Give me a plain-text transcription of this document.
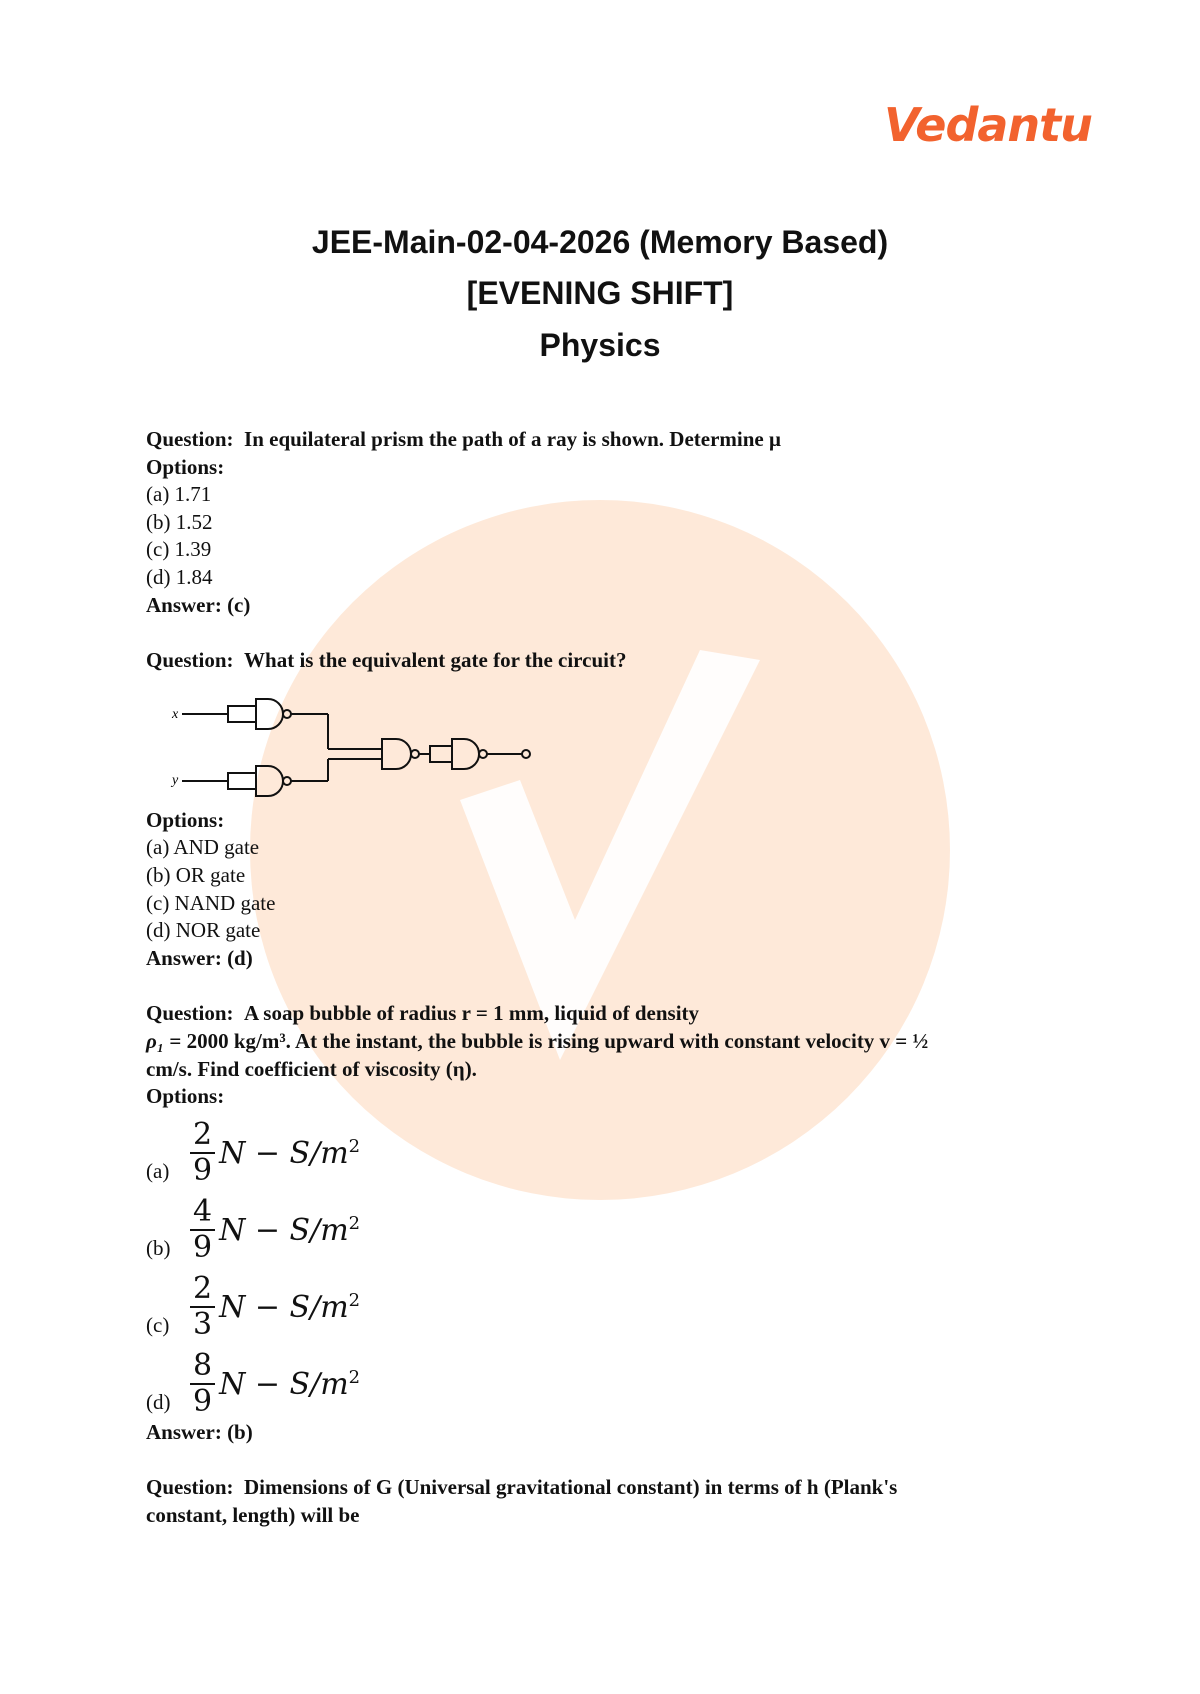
Vedantu
JEE-Main-02-04-2026 (Memory Based)
[EVENING SHIFT]
Physics
Question: In equilateral prism the path of a ray is shown. Determine μ
Options:
(a) 1.71
(b) 1.52
(c) 1.39
(d) 1.84
Answer: (c)
Question: What is the equivalent gate for the circuit?
x
y
Options:
(a) AND gate
(b) OR gate
(c) NAND gate
(d) NOR gate
Answer: (d)
Question: A soap bubble of radius r = 1 mm, liquid of density
ρ₁ = 2000 kg/m³. At the instant, the bubble is rising upward with constant velocity v = ½
cm/s. Find coefficient of viscosity (η).
Options:
$(a) \frac{2}{9}$ $N - S/m^2$
$(b) \frac{4}{9}$ $N - S/m^2$
$(c) \frac{2}{3}$ $N - S/m^2$
$(d) \frac{8}{9}$ $N - S/m^2$
Answer: (b)
Question: Dimensions of G (Universal gravitational constant) in terms of h (Plank's
constant, length) will be
